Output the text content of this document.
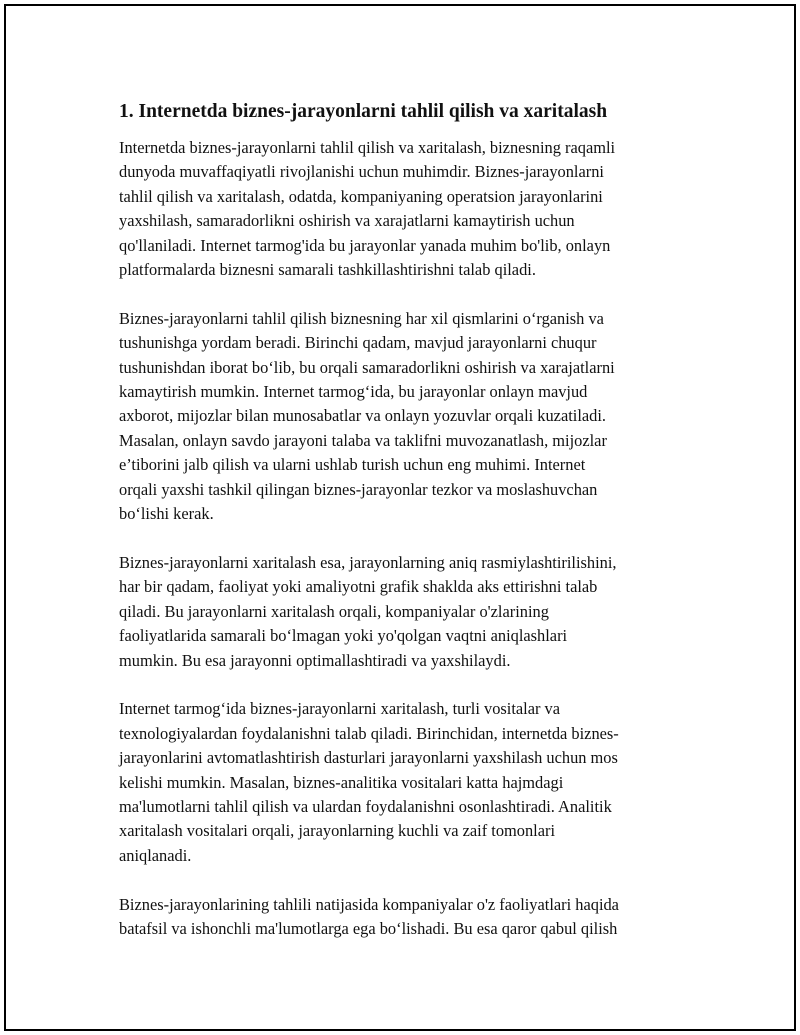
1. Internetda biznes-jarayonlarni tahlil qilish va xaritalash

Internetda biznes-jarayonlarni tahlil qilish va xaritalash, biznesning raqamli
dunyoda muvaffaqiyatli rivojlanishi uchun muhimdir. Biznes-jarayonlarni
tahlil qilish va xaritalash, odatda, kompaniyaning operatsion jarayonlarini
yaxshilash, samaradorlikni oshirish va xarajatlarni kamaytirish uchun
qo'llaniladi. Internet tarmog'ida bu jarayonlar yanada muhim bo'lib, onlayn
platformalarda biznesni samarali tashkillashtirishni talab qiladi.

Biznes-jarayonlarni tahlil qilish biznesning har xil qismlarini o‘rganish va
tushunishga yordam beradi. Birinchi qadam, mavjud jarayonlarni chuqur
tushunishdan iborat bo‘lib, bu orqali samaradorlikni oshirish va xarajatlarni
kamaytirish mumkin. Internet tarmog‘ida, bu jarayonlar onlayn mavjud
axborot, mijozlar bilan munosabatlar va onlayn yozuvlar orqali kuzatiladi.
Masalan, onlayn savdo jarayoni talaba va taklifni muvozanatlash, mijozlar
e’tiborini jalb qilish va ularni ushlab turish uchun eng muhimi. Internet
orqali yaxshi tashkil qilingan biznes-jarayonlar tezkor va moslashuvchan
bo‘lishi kerak.

Biznes-jarayonlarni xaritalash esa, jarayonlarning aniq rasmiylashtirilishini,
har bir qadam, faoliyat yoki amaliyotni grafik shaklda aks ettirishni talab
qiladi. Bu jarayonlarni xaritalash orqali, kompaniyalar o'zlarining
faoliyatlarida samarali bo‘lmagan yoki yo'qolgan vaqtni aniqlashlari
mumkin. Bu esa jarayonni optimallashtiradi va yaxshilaydi.

Internet tarmog‘ida biznes-jarayonlarni xaritalash, turli vositalar va
texnologiyalardan foydalanishni talab qiladi. Birinchidan, internetda biznes-
jarayonlarini avtomatlashtirish dasturlari jarayonlarni yaxshilash uchun mos
kelishi mumkin. Masalan, biznes-analitika vositalari katta hajmdagi
ma'lumotlarni tahlil qilish va ulardan foydalanishni osonlashtiradi. Analitik
xaritalash vositalari orqali, jarayonlarning kuchli va zaif tomonlari
aniqlanadi.

Biznes-jarayonlarining tahlili natijasida kompaniyalar o'z faoliyatlari haqida
batafsil va ishonchli ma'lumotlarga ega bo‘lishadi. Bu esa qaror qabul qilish
